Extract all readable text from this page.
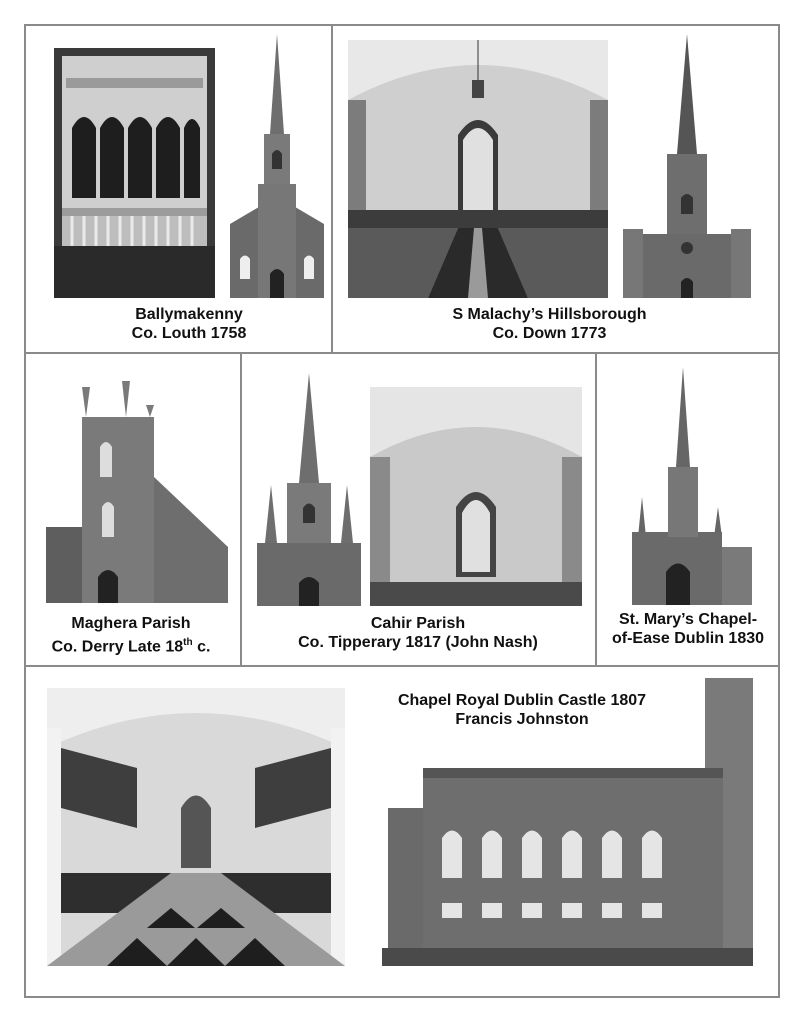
Ballymakenny
Co. Louth 1758
S Malachy’s Hillsborough
Co. Down 1773
Maghera Parish
Co. Derry Late 18th c.
Cahir Parish
Co. Tipperary 1817 (John Nash)
St. Mary’s Chapel-
of-Ease Dublin 1830
Chapel Royal Dublin Castle 1807
Francis Johnston
